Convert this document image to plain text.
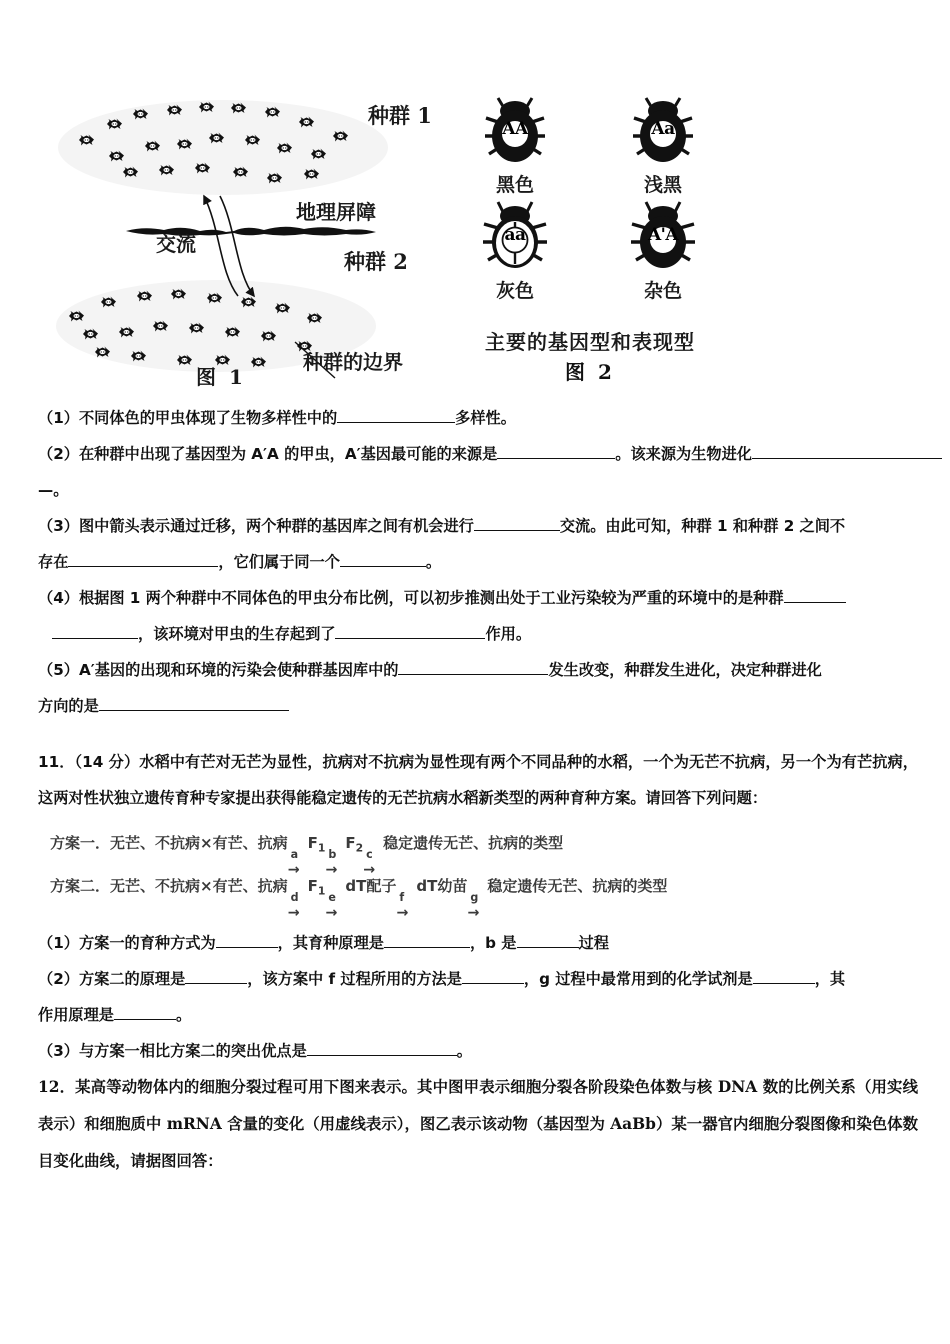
种群 1
种群 2
地理屏障
交流
种群的边界
图 1
AA
黑色
Aa
浅黑
aa
灰色
A'A
杂色
主要的基因型和表现型
图 2
（1）不同体色的甲虫体现了生物多样性中的	多样性。
（2）在种群中出现了基因型为 A′A 的甲虫，A′基因最可能的来源是	。该来源为生物进化
—。
（3）图中箭头表示通过迁移，两个种群的基因库之间有机会进行	交流。由此可知，种群 1 和种群 2 之间不
存在	，它们属于同一个	。
（4）根据图 1 两个种群中不同体色的甲虫分布比例，可以初步推测出处于工业污染较为严重的环境中的是种群
，该环境对甲虫的生存起到了	作用。
（5）A′基因的出现和环境的污染会使种群基因库中的	发生改变，种群发生进化，决定种群进化
方向的是
11．（14 分）水稻中有芒对无芒为显性，抗病对不抗病为显性现有两个不同品种的水稻，一个为无芒不抗病，另一个为有芒抗病，这两对性状独立遗传育种专家提出获得能稳定遗传的无芒抗病水稻新类型的两种育种方案。请回答下列问题：
方案一．无芒、不抗病×有芒、抗病
a
→
$F_1$
b
→
$F_2$
c
→
稳定遗传无芒、抗病的类型
方案二．无芒、不抗病×有芒、抗病
d
→
$F_1$
e
→
dT配子
f
→
dT幼苗
g
→
稳定遗传无芒、抗病的类型
（1）方案一的育种方式为	，其育种原理是	，b 是	过程
（2）方案二的原理是	，该方案中 f 过程所用的方法是	，g 过程中最常用到的化学试剂是	，其
作用原理是	。
（3）与方案一相比方案二的突出优点是	。
12．某高等动物体内的细胞分裂过程可用下图来表示。其中图甲表示细胞分裂各阶段染色体数与核 DNA 数的比例关系（用实线表示）和细胞质中 mRNA 含量的变化（用虚线表示），图乙表示该动物（基因型为 AaBb）某一器官内细胞分裂图像和染色体数目变化曲线，请据图回答：
